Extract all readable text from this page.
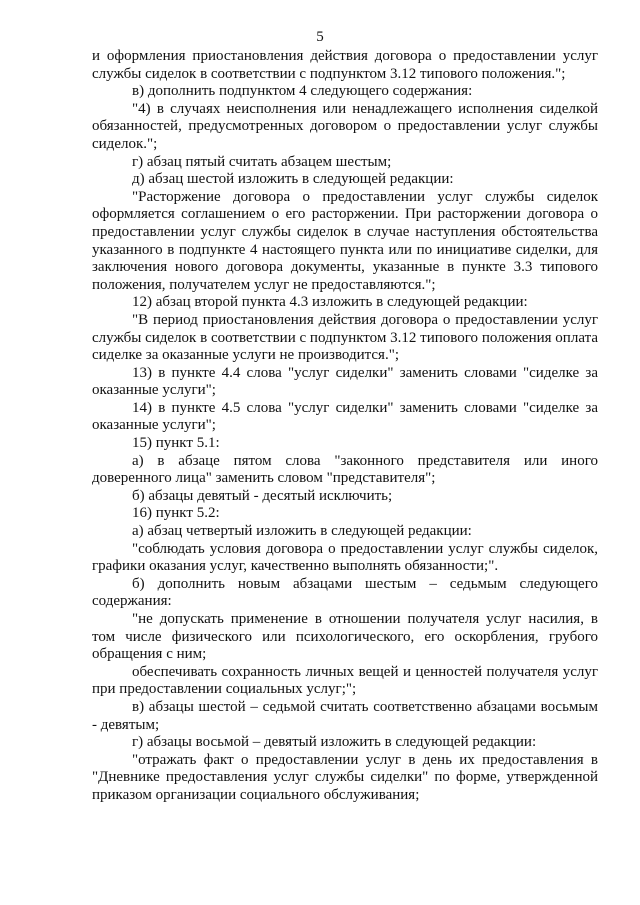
5

и оформления приостановления действия договора о предоставлении услуг службы сиделок в соответствии с подпунктом 3.12 типового положения.";

в) дополнить подпунктом 4 следующего содержания:

"4) в случаях неисполнения или ненадлежащего исполнения сиделкой обязанностей, предусмотренных договором о предоставлении услуг службы сиделок.";

г) абзац пятый считать абзацем шестым;

д) абзац шестой изложить в следующей редакции:

"Расторжение договора о предоставлении услуг службы сиделок оформляется соглашением о его расторжении. При расторжении договора о предоставлении услуг службы сиделок в случае наступления обстоятельства указанного в подпункте 4 настоящего пункта или по инициативе сиделки, для заключения нового договора документы, указанные в пункте 3.3 типового положения, получателем услуг не предоставляются.";

12) абзац второй пункта 4.3 изложить в следующей редакции:

"В период приостановления действия договора о предоставлении услуг службы сиделок в соответствии с подпунктом 3.12 типового положения оплата сиделке за оказанные услуги не производится.";

13) в пункте 4.4 слова "услуг сиделки" заменить словами "сиделке за оказанные услуги";

14) в пункте 4.5 слова "услуг сиделки" заменить словами "сиделке за оказанные услуги";

15) пункт 5.1:

а) в абзаце пятом слова "законного представителя или иного доверенного лица" заменить словом "представителя";

б) абзацы девятый - десятый исключить;

16) пункт 5.2:

а) абзац четвертый изложить в следующей редакции:

"соблюдать условия договора о предоставлении услуг службы сиделок, графики оказания услуг, качественно выполнять обязанности;".

б) дополнить новым абзацами шестым – седьмым следующего содержания:

"не допускать применение в отношении получателя услуг насилия, в том числе физического или психологического, его оскорбления, грубого обращения с ним;

обеспечивать сохранность личных вещей и ценностей получателя услуг при предоставлении социальных услуг;";

в) абзацы шестой – седьмой считать соответственно абзацами восьмым - девятым;

г) абзацы восьмой – девятый изложить в следующей редакции:

"отражать факт о предоставлении услуг в день их предоставления в "Дневнике предоставления услуг службы сиделки" по форме, утвержденной приказом организации социального обслуживания;
